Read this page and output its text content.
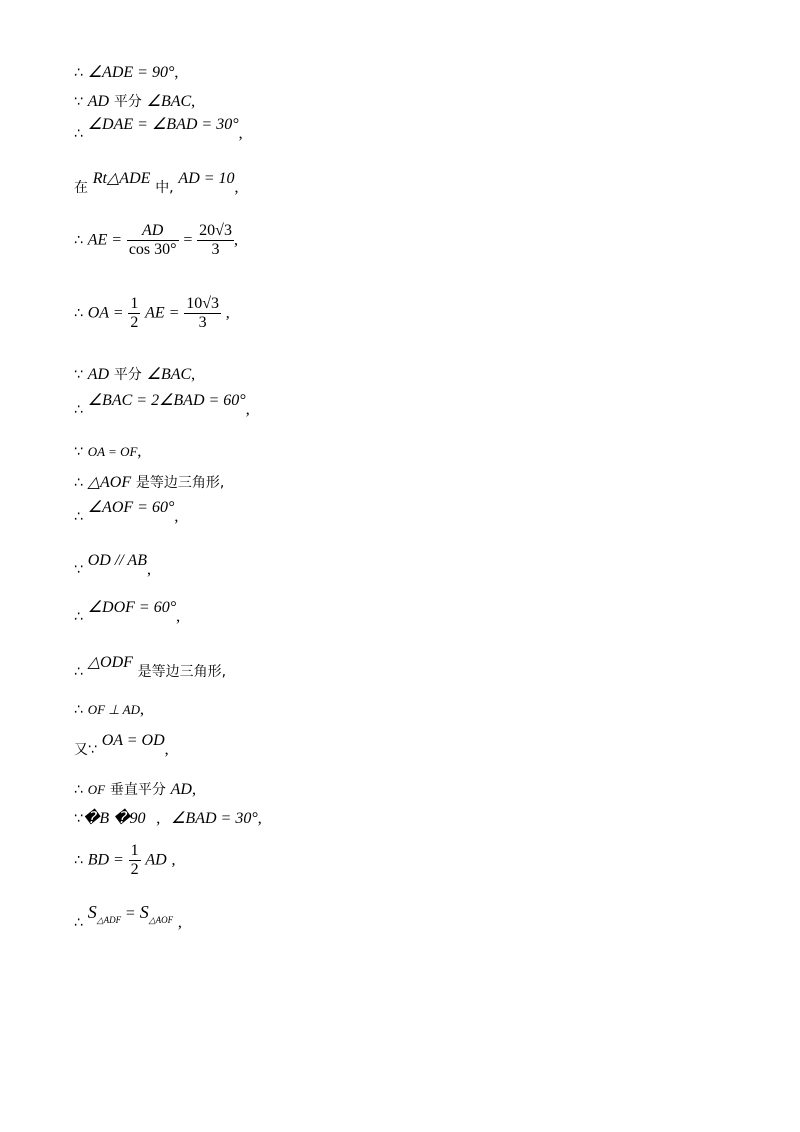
∴ ∠ADE = 90°,
∵ AD 平分 ∠BAC,
∴ ∠DAE = ∠BAD = 30°,
在 Rt△ADE 中, AD = 10,
∴ AE = $\frac{AD}{\cos 30^\circ} = \frac{20√3}{3}$ ,
∴ OA = $\frac{1}{2}$ AE = $\frac{10√3}{3}$ ,
∵ AD 平分 ∠BAC,
∴ ∠BAC = 2∠BAD = 60°,
∵ OA = OF,
∴ △AOF 是等边三角形,
∴ ∠AOF = 60°,
∵ OD // AB,
∴ ∠DOF = 60°,
∴ △ODF 是等边三角形,
∴ OF ⊥ AD,
又∵ OA = OD,
∴ OF 垂直平分 AD,
∵�B �90 , ∠BAD = 30°,
∴ BD = $\frac{1}{2}$ AD ,
∴ $S_{\triangle ADF} = S_{\triangle AOF}$ ,
